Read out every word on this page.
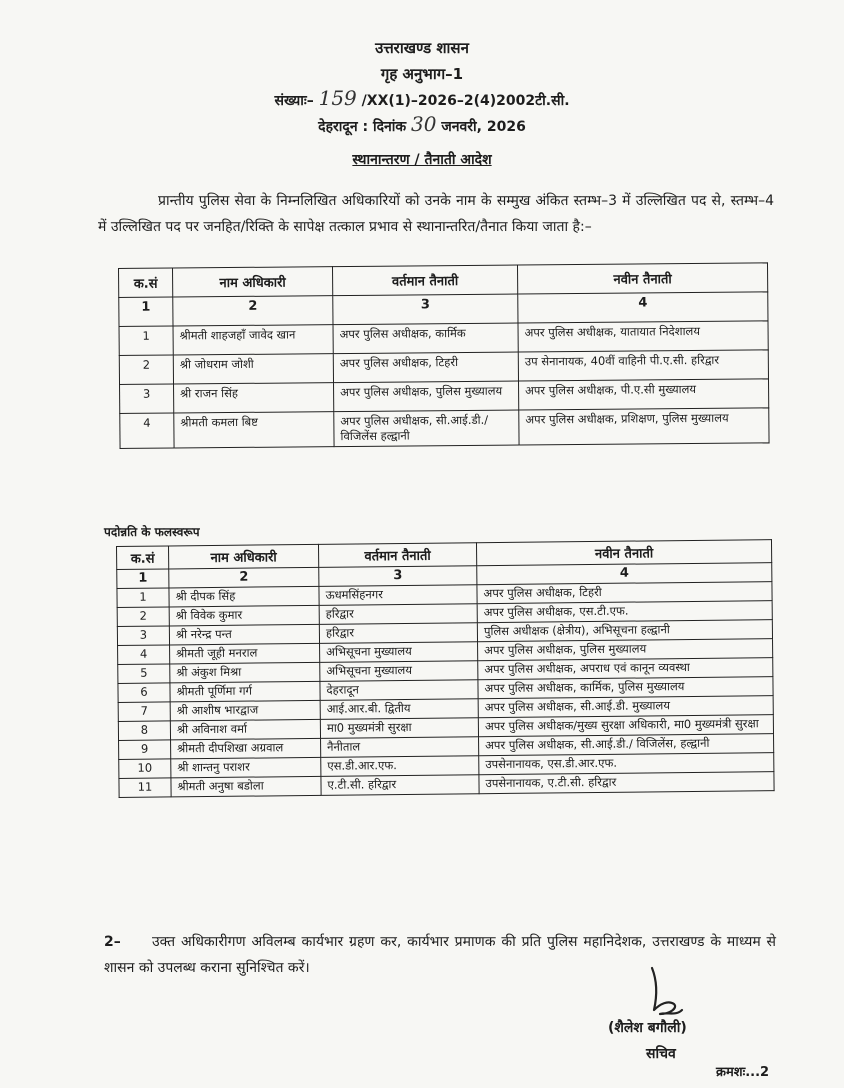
उत्तराखण्ड शासन
गृह अनुभाग–1
संख्याः– 159 /XX(1)–2026–2(4)2002टी.सी.
देहरादून : दिनांक 30 जनवरी, 2026
स्थानान्तरण / तैनाती आदेश
प्रान्तीय पुलिस सेवा के निम्नलिखित अधिकारियों को उनके नाम के सम्मुख अंकित स्तम्भ–3 में उल्लिखित पद से, स्तम्भ–4 में उल्लिखित पद पर जनहित/रिक्ति के सापेक्ष तत्काल प्रभाव से स्थानान्तरित/तैनात किया जाता है:–
क.सं	नाम अधिकारी	वर्तमान तैनाती	नवीन तैनाती
1	2	3	4
1	श्रीमती शाहजहाँ जावेद खान	अपर पुलिस अधीक्षक, कार्मिक	अपर पुलिस अधीक्षक, यातायात निदेशालय
2	श्री जोधराम जोशी	अपर पुलिस अधीक्षक, टिहरी	उप सेनानायक, 40वीं वाहिनी पी.ए.सी. हरिद्वार
3	श्री राजन सिंह	अपर पुलिस अधीक्षक, पुलिस मुख्यालय	अपर पुलिस अधीक्षक, पी.ए.सी मुख्यालय
4	श्रीमती कमला बिष्ट	अपर पुलिस अधीक्षक, सी.आई.डी./विजिलेंस हल्द्वानी	अपर पुलिस अधीक्षक, प्रशिक्षण, पुलिस मुख्यालय
पदोन्नति के फलस्वरूप
क.सं	नाम अधिकारी	वर्तमान तैनाती	नवीन तैनाती
1	2	3	4
1	श्री दीपक सिंह	ऊधमसिंहनगर	अपर पुलिस अधीक्षक, टिहरी
2	श्री विवेक कुमार	हरिद्वार	अपर पुलिस अधीक्षक, एस.टी.एफ.
3	श्री नरेन्द्र पन्त	हरिद्वार	पुलिस अधीक्षक (क्षेत्रीय), अभिसूचना हल्द्वानी
4	श्रीमती जूही मनराल	अभिसूचना मुख्यालय	अपर पुलिस अधीक्षक, पुलिस मुख्यालय
5	श्री अंकुश मिश्रा	अभिसूचना मुख्यालय	अपर पुलिस अधीक्षक, अपराध एवं कानून व्यवस्था
6	श्रीमती पूर्णिमा गर्ग	देहरादून	अपर पुलिस अधीक्षक, कार्मिक, पुलिस मुख्यालय
7	श्री आशीष भारद्वाज	आई.आर.बी. द्वितीय	अपर पुलिस अधीक्षक, सी.आई.डी. मुख्यालय
8	श्री अविनाश वर्मा	मा0 मुख्यमंत्री सुरक्षा	अपर पुलिस अधीक्षक/मुख्य सुरक्षा अधिकारी, मा0 मुख्यमंत्री सुरक्षा
9	श्रीमती दीपशिखा अग्रवाल	नैनीताल	अपर पुलिस अधीक्षक, सी.आई.डी./ विजिलेंस, हल्द्वानी
10	श्री शान्तनु पराशर	एस.डी.आर.एफ.	उपसेनानायक, एस.डी.आर.एफ.
11	श्रीमती अनुषा बडोला	ए.टी.सी. हरिद्वार	उपसेनानायक, ए.टी.सी. हरिद्वार
2– उक्त अधिकारीगण अविलम्ब कार्यभार ग्रहण कर, कार्यभार प्रमाणक की प्रति पुलिस महानिदेशक, उत्तराखण्ड के माध्यम से शासन को उपलब्ध कराना सुनिश्चित करें।
(शैलेश बगौली)
सचिव
क्रमशः...2
